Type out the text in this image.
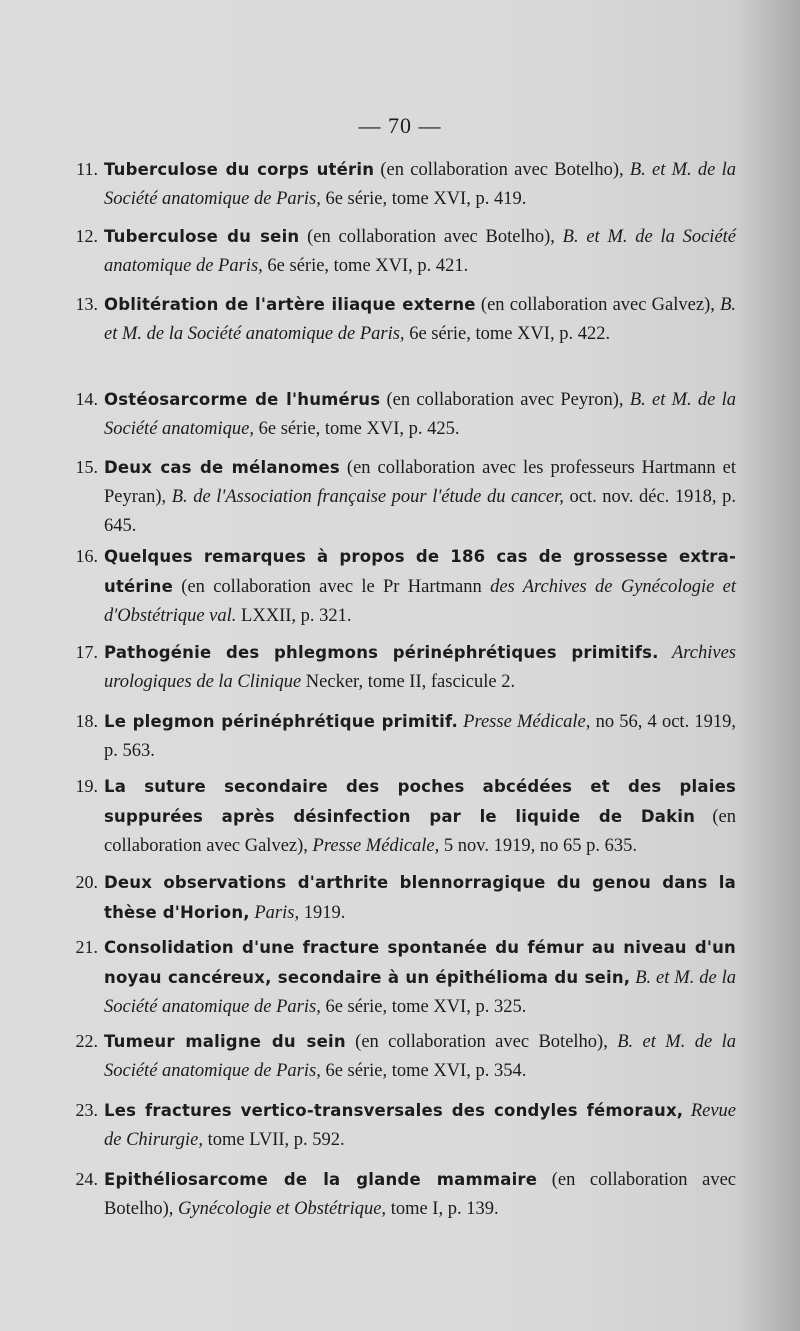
— 70 —
11. Tuberculose du corps utérin (en collaboration avec Botelho), B. et M. de la Société anatomique de Paris, 6e série, tome XVI, p. 419.
12. Tuberculose du sein (en collaboration avec Botelho), B. et M. de la Société anatomique de Paris, 6e série, tome XVI, p. 421.
13. Oblitération de l'artère iliaque externe (en collaboration avec Galvez), B. et M. de la Société anatomique de Paris, 6e série, tome XVI, p. 422.
14. Ostéosarcorme de l'humérus (en collaboration avec Peyron), B. et M. de la Société anatomique, 6e série, tome XVI, p. 425.
15. Deux cas de mélanomes (en collaboration avec les professeurs Hartmann et Peyran), B. de l'Association française pour l'étude du cancer, oct. nov. déc. 1918, p. 645.
16. Quelques remarques à propos de 186 cas de grossesse extra-utérine (en collaboration avec le Pr Hartmann des Archives de Gynécologie et d'Obstétrique val. LXXII, p. 321.
17. Pathogénie des phlegmons périnéphrétiques primitifs. Archives urologiques de la Clinique Necker, tome II, fascicule 2.
18. Le plegmon périnéphrétique primitif. Presse Médicale, no 56, 4 oct. 1919, p. 563.
19. La suture secondaire des poches abcédées et des plaies suppurées après désinfection par le liquide de Dakin (en collaboration avec Galvez), Presse Médicale, 5 nov. 1919, no 65 p. 635.
20. Deux observations d'arthrite blennorragique du genou dans la thèse d'Horion, Paris, 1919.
21. Consolidation d'une fracture spontanée du fémur au niveau d'un noyau cancéreux, secondaire à un épithélioma du sein, B. et M. de la Société anatomique de Paris, 6e série, tome XVI, p. 325.
22. Tumeur maligne du sein (en collaboration avec Botelho), B. et M. de la Société anatomique de Paris, 6e série, tome XVI, p. 354.
23. Les fractures vertico-transversales des condyles fémoraux, Revue de Chirurgie, tome LVII, p. 592.
24. Epithéliosarcome de la glande mammaire (en collaboration avec Botelho), Gynécologie et Obstétrique, tome I, p. 139.
